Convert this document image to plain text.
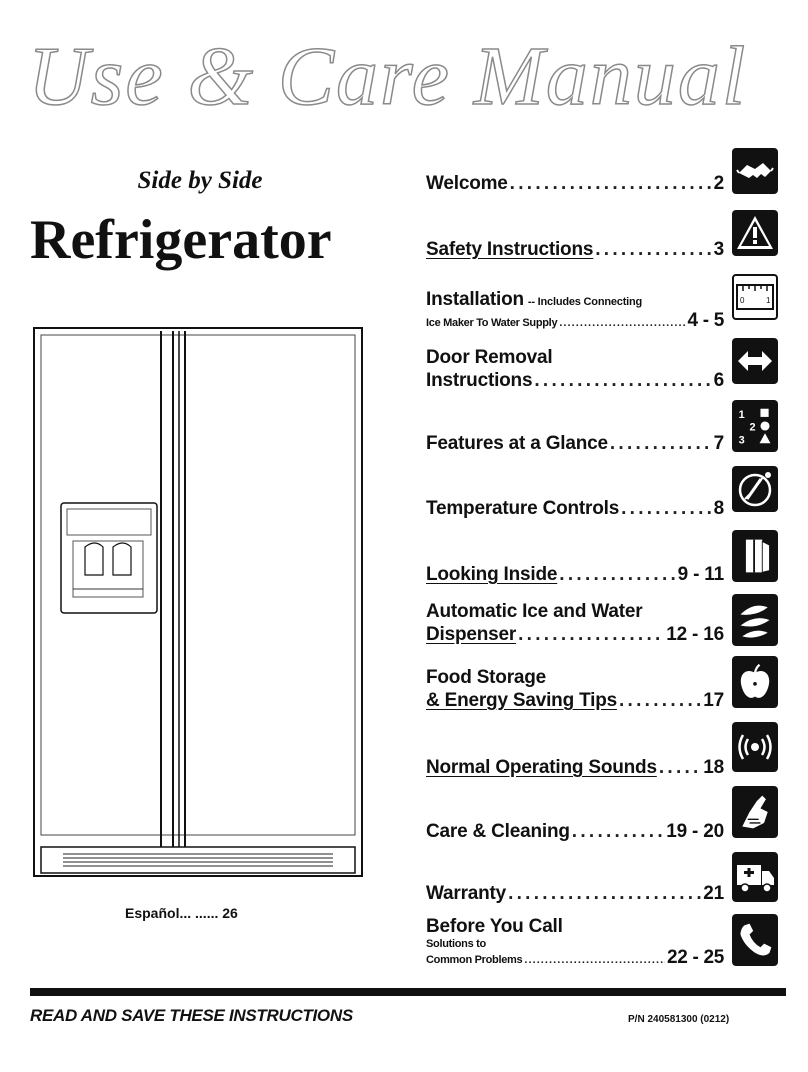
Use & Care Manual
Side by Side
Refrigerator
Español... ...... 26
Welcome . . .	2
Safety Instructions . . .	3
Installation -- Includes Connecting
Ice Maker To Water Supply . . .	4 - 5
0	1
Door Removal
Instructions . . .	6
Features at a Glance . . .	7
1
2
3
Temperature Controls . . .	8
Looking Inside . . .	9 - 11
Automatic Ice and Water
Dispenser . . .	12 - 16
Food Storage
& Energy Saving Tips . . .	17
Normal Operating Sounds . . . 18
Care & Cleaning . . .	19 - 20
Warranty . . .	21
Before You Call
Solutions to
Common Problems . . .	22 - 25
READ AND SAVE THESE INSTRUCTIONS	P/N 240581300 (0212)
